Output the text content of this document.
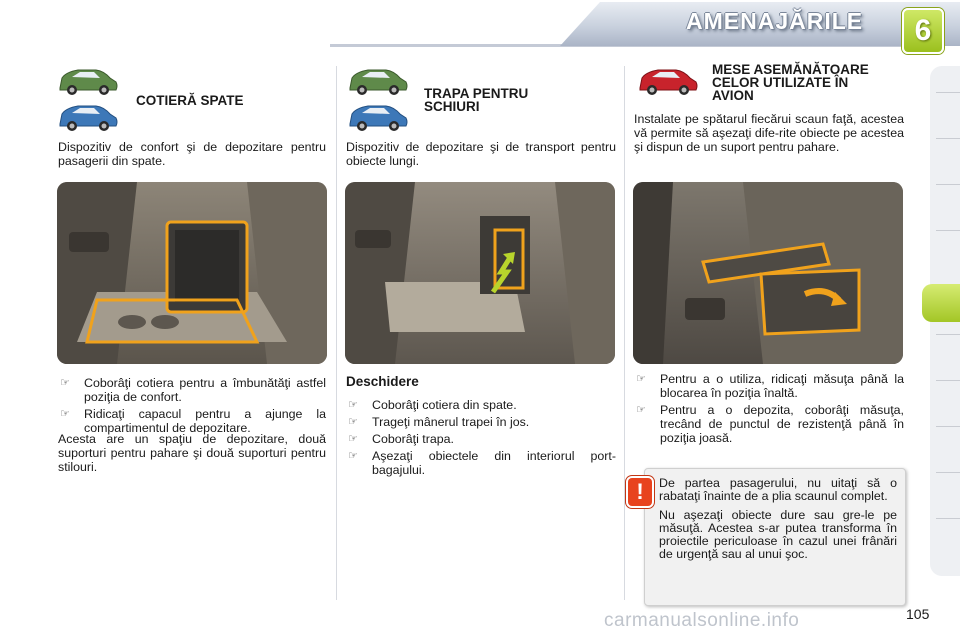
AMENAJĂRILE	6
COTIERĂ SPATE
Dispozitiv de confort şi de depozitare pentru pasagerii din spate.
☞ Coborâţi cotiera pentru a îmbunătăţi astfel poziţia de confort.
☞ Ridicaţi capacul pentru a ajunge la compartimentul de depozitare.
Acesta are un spaţiu de depozitare, două suporturi pentru pahare şi două suporturi pentru stilouri.
TRAPA PENTRU
SCHIURI
Dispozitiv de depozitare şi de transport pentru obiecte lungi.
Deschidere
☞ Coborâţi cotiera din spate.
☞ Trageţi mânerul trapei în jos.
☞ Coborâţi trapa.
☞ Aşezaţi obiectele din interiorul port-bagajului.
MESE ASEMĂNĂTOARE
CELOR UTILIZATE ÎN
AVION
Instalate pe spătarul fiecărui scaun faţă, acestea vă permite să aşezaţi dife-rite obiecte pe acestea şi dispun de un suport pentru pahare.
☞ Pentru a o utiliza, ridicaţi măsuţa până la blocarea în poziţia înaltă.
☞ Pentru a o depozita, coborâţi măsuţa, trecând de punctul de rezistenţă până în poziţia joasă.

De partea pasagerului, nu uitaţi să o rabataţi înainte de a plia scaunul complet.

Nu aşezaţi obiecte dure sau gre-le pe măsuţă. Acestea s-ar putea transforma în proiectile periculoase în cazul unei frânări de urgenţă sau al unui şoc.

!
carmanualsonline.info	105
